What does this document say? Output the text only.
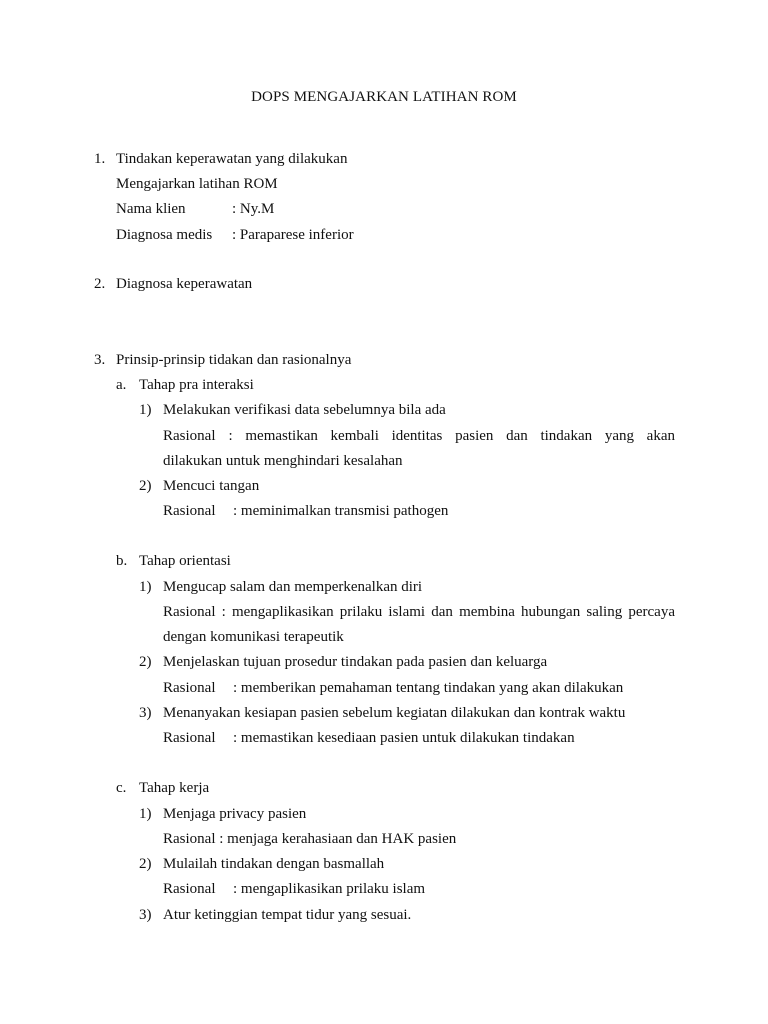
DOPS MENGAJARKAN LATIHAN ROM
1. Tindakan keperawatan yang dilakukan
Mengajarkan latihan ROM
Nama klien	: Ny.M
Diagnosa medis : Paraparese inferior
2. Diagnosa keperawatan
3. Prinsip-prinsip tidakan dan rasionalnya
a. Tahap pra interaksi
1) Melakukan verifikasi data sebelumnya bila ada
Rasional : memastikan kembali identitas pasien dan tindakan yang akan
dilakukan untuk menghindari kesalahan
2) Mencuci tangan
Rasional : meminimalkan transmisi pathogen
b. Tahap orientasi
1) Mengucap salam dan memperkenalkan diri
Rasional : mengaplikasikan prilaku islami dan membina hubungan saling percaya
dengan komunikasi terapeutik
2) Menjelaskan tujuan prosedur tindakan pada pasien dan keluarga
Rasional : memberikan pemahaman tentang tindakan yang akan dilakukan
3) Menanyakan kesiapan pasien sebelum kegiatan dilakukan dan kontrak waktu
Rasional : memastikan kesediaan pasien untuk dilakukan tindakan
c. Tahap kerja
1) Menjaga privacy pasien
Rasional : menjaga kerahasiaan dan HAK pasien
2) Mulailah tindakan dengan basmallah
Rasional : mengaplikasikan prilaku islam
3) Atur ketinggian tempat tidur yang sesuai.
